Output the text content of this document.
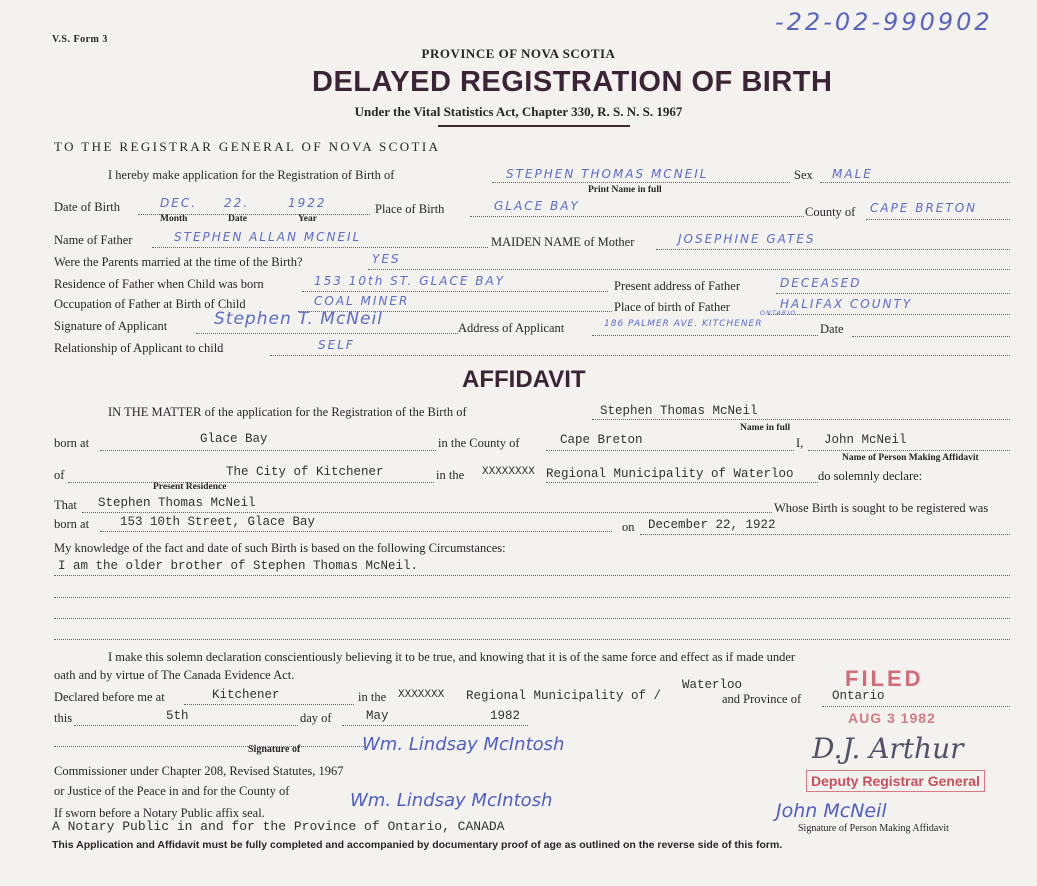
V.S. Form 3
-22-02-990902
PROVINCE OF NOVA SCOTIA
DELAYED REGISTRATION OF BIRTH
Under the Vital Statistics Act, Chapter 330, R. S. N. S. 1967
TO THE REGISTRAR GENERAL OF NOVA SCOTIA
I hereby make application for the Registration of Birth of	STEPHEN THOMAS MCNEIL
Print Name in full
Sex MALE
Date of Birth	DEC. 22.	1922
Month	Date	Year
Place of Birth	GLACE BAY	County of CAPE BRETON
Name of Father	STEPHEN ALLAN MCNEIL	MAIDEN NAME of Mother	JOSEPHINE GATES
Were the Parents married at the time of the Birth?	YES
Residence of Father when Child was born	153 10th ST. GLACE BAY	Present address of Father	DECEASED
Occupation of Father at Birth of Child	COAL MINER	Place of birth of Father	HALIFAX COUNTY
Signature of Applicant	Stephen T. McNeil	Address of Applicant	186 PALMER AVE. KITCHENER
ONTARIO
Date
Relationship of Applicant to child	SELF
AFFIDAVIT
IN THE MATTER of the application for the Registration of the Birth of	Stephen Thomas McNeil
Name in full
born at	Glace Bay	in the County of	Cape Breton	I, John McNeil
Name of Person Making Affidavit
of	The City of Kitchener
Present Residence
in the XXXXXXXX Regional Municipality of Waterloo do solemnly declare:
That Stephen Thomas McNeil	Whose Birth is sought to be registered was
born at 153 10th Street, Glace Bay	on December 22, 1922
My knowledge of the fact and date of such Birth is based on the following Circumstances:
I am the older brother of Stephen Thomas McNeil.
I make this solemn declaration conscientiously believing it to be true, and knowing that it is of the same force and effect as if made under
oath and by virtue of The Canada Evidence Act.
Declared before me at	Kitchener	in the XXXXXXX Regional Municipality of /
Waterloo
and Province of Ontario
this	5th	day of	May	1982
Wm. Lindsay McIntosh
Signature of
Commissioner under Chapter 208, Revised Statutes, 1967
or Justice of the Peace in and for the County of
If sworn before a Notary Public affix seal.
Wm. Lindsay McIntosh
A Notary Public in and for the Province of Ontario, CANADA
John McNeil
Signature of Person Making Affidavit
FILED
AUG 3 1982
D.J. Arthur
Deputy Registrar General
This Application and Affidavit must be fully completed and accompanied by documentary proof of age as outlined on the reverse side of this form.
